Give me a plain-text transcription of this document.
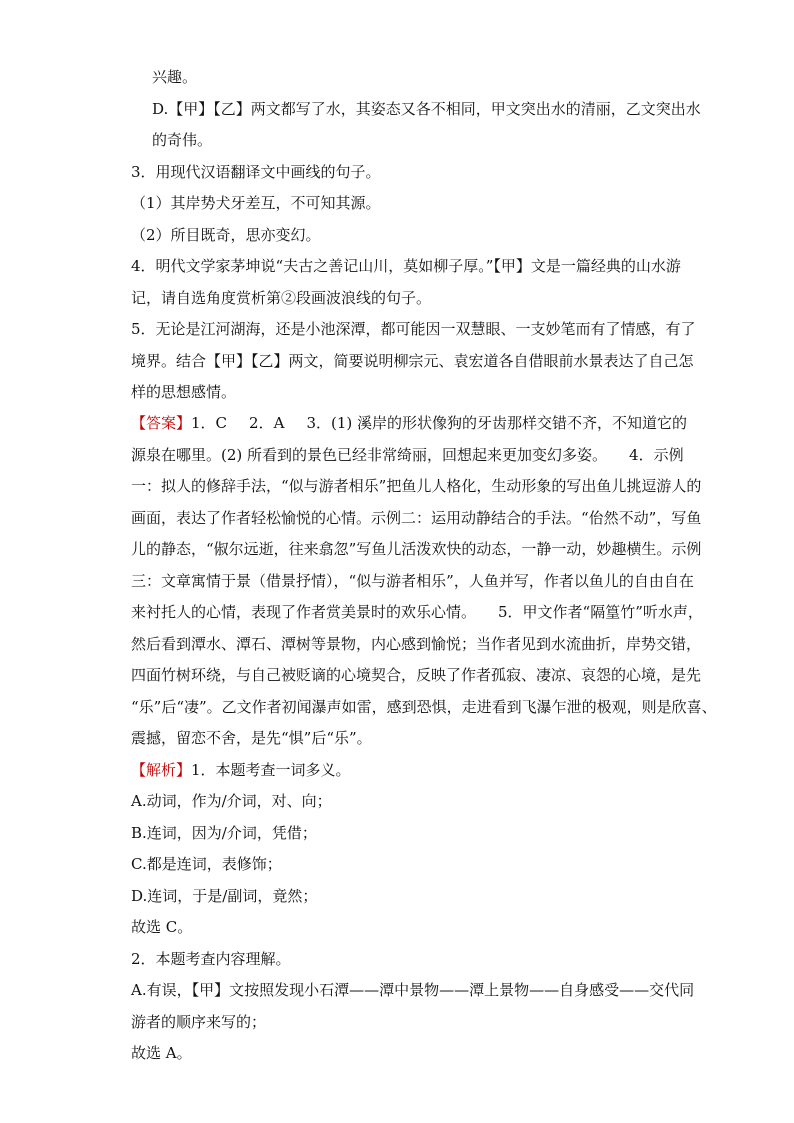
兴趣。
D.【甲】【乙】两文都写了水，其姿态又各不相同，甲文突出水的清丽，乙文突出水
的奇伟。
3．用现代汉语翻译文中画线的句子。
（1）其岸势犬牙差互，不可知其源。
（2）所目既奇，思亦变幻。
4．明代文学家茅坤说“夫古之善记山川，莫如柳子厚。”【甲】文是一篇经典的山水游
记，请自选角度赏析第②段画波浪线的句子。
5．无论是江河湖海，还是小池深潭，都可能因一双慧眼、一支妙笔而有了情感，有了
境界。结合【甲】【乙】两文，简要说明柳宗元、袁宏道各自借眼前水景表达了自己怎
样的思想感情。
【答案】1．C 2．A 3．(1) 溪岸的形状像狗的牙齿那样交错不齐，不知道它的
源泉在哪里。(2) 所看到的景色已经非常绮丽，回想起来更加变幻多姿。 4．示例
一：拟人的修辞手法，“似与游者相乐”把鱼儿人格化，生动形象的写出鱼儿挑逗游人的
画面，表达了作者轻松愉悦的心情。示例二：运用动静结合的手法。“佁然不动”，写鱼
儿的静态，“俶尔远逝，往来翕忽”写鱼儿活泼欢快的动态，一静一动，妙趣横生。示例
三：文章寓情于景（借景抒情），“似与游者相乐”，人鱼并写，作者以鱼儿的自由自在
来衬托人的心情，表现了作者赏美景时的欢乐心情。 5．甲文作者“隔篁竹”听水声，
然后看到潭水、潭石、潭树等景物，内心感到愉悦；当作者见到水流曲折，岸势交错，
四面竹树环绕，与自己被贬谪的心境契合，反映了作者孤寂、凄凉、哀怨的心境，是先
“乐”后“凄”。乙文作者初闻瀑声如雷，感到恐惧，走进看到飞瀑乍泄的极观，则是欣喜、
震撼，留恋不舍，是先“惧”后“乐”。
【解析】1．本题考查一词多义。
A.动词，作为/介词，对、向；
B.连词，因为/介词，凭借；
C.都是连词，表修饰；
D.连词，于是/副词，竟然；
故选 C。
2．本题考查内容理解。
A.有误，【甲】文按照发现小石潭——潭中景物——潭上景物——自身感受——交代同
游者的顺序来写的；
故选 A。
